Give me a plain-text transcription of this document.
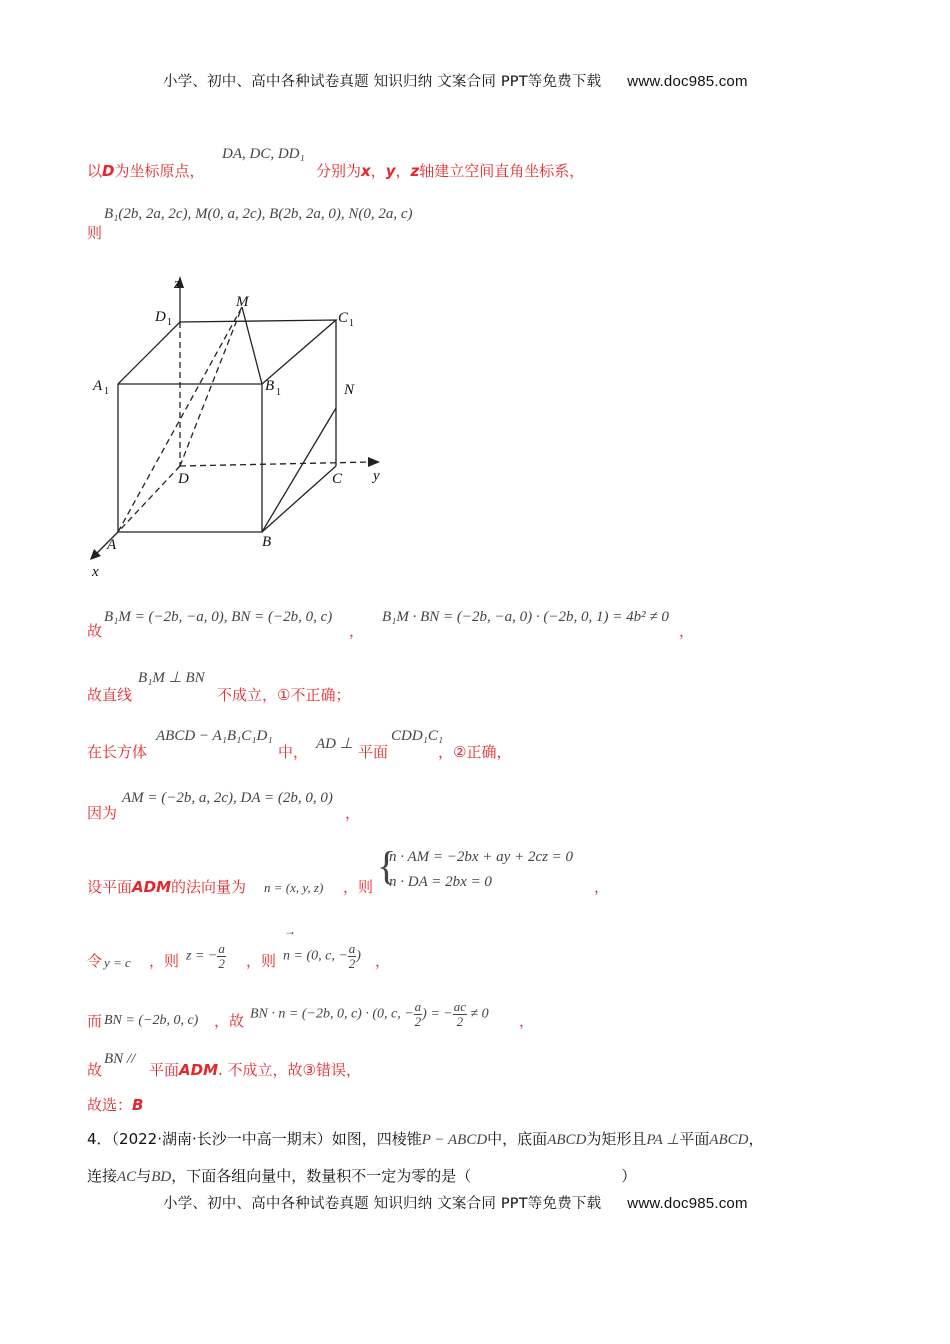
小学、初中、高中各种试卷真题 知识归纳 文案合同 PPT等免费下载 www.doc985.com
以D为坐标原点，
DA, DC, DD₁
分别为x，y，z轴建立空间直角坐标系，
则
B₁(2b, 2a, 2c), M(0, a, 2c), B(2b, 2a, 0), N(0, 2a, c)
z
D 1
M
C 1
A 1	B 1	N
D	C y
A	B
x
故
B₁M = (−2b, −a, 0), BN = (−2b, 0, c)
，
B₁M · BN = (−2b, −a, 0) · (−2b, 0, 1) = 4b² ≠ 0
，
故直线
B₁M ⊥ BN
不成立，①不正确；
在长方体
ABCD − A₁B₁C₁D₁
中， AD ⊥ 平面
CDD₁C₁
，②正确，
因为
AM = (−2b, a, 2c), DA = (2b, 0, 0)
，
设平面ADM的法向量为 n = (x, y, z) ，则 {
n · AM = −2bx + ay + 2cz = 0
n · DA = 2bx = 0	，
令 y = c ，则 z = − $\frac{a}{2}$ ，则
→
n = (0, c, − $\frac{a}{2}$ ) ，
而 BN = (−2b, 0, c) ，故 BN · n = (−2b, 0, c) · (0, c, − $\frac{a}{2}$ ) = − $\frac{ac}{2} \ne 0$ ，
故
BN //
平面ADM. 不成立，故③错误，
故选：B
4．（2022·湖南·长沙一中高一期末）如图，四棱锥P − ABCD中，底面ABCD为矩形且PA ⊥平面ABCD，
连接AC与BD，下面各组向量中，数量积不一定为零的是（	）
小学、初中、高中各种试卷真题 知识归纳 文案合同 PPT等免费下载 www.doc985.com
